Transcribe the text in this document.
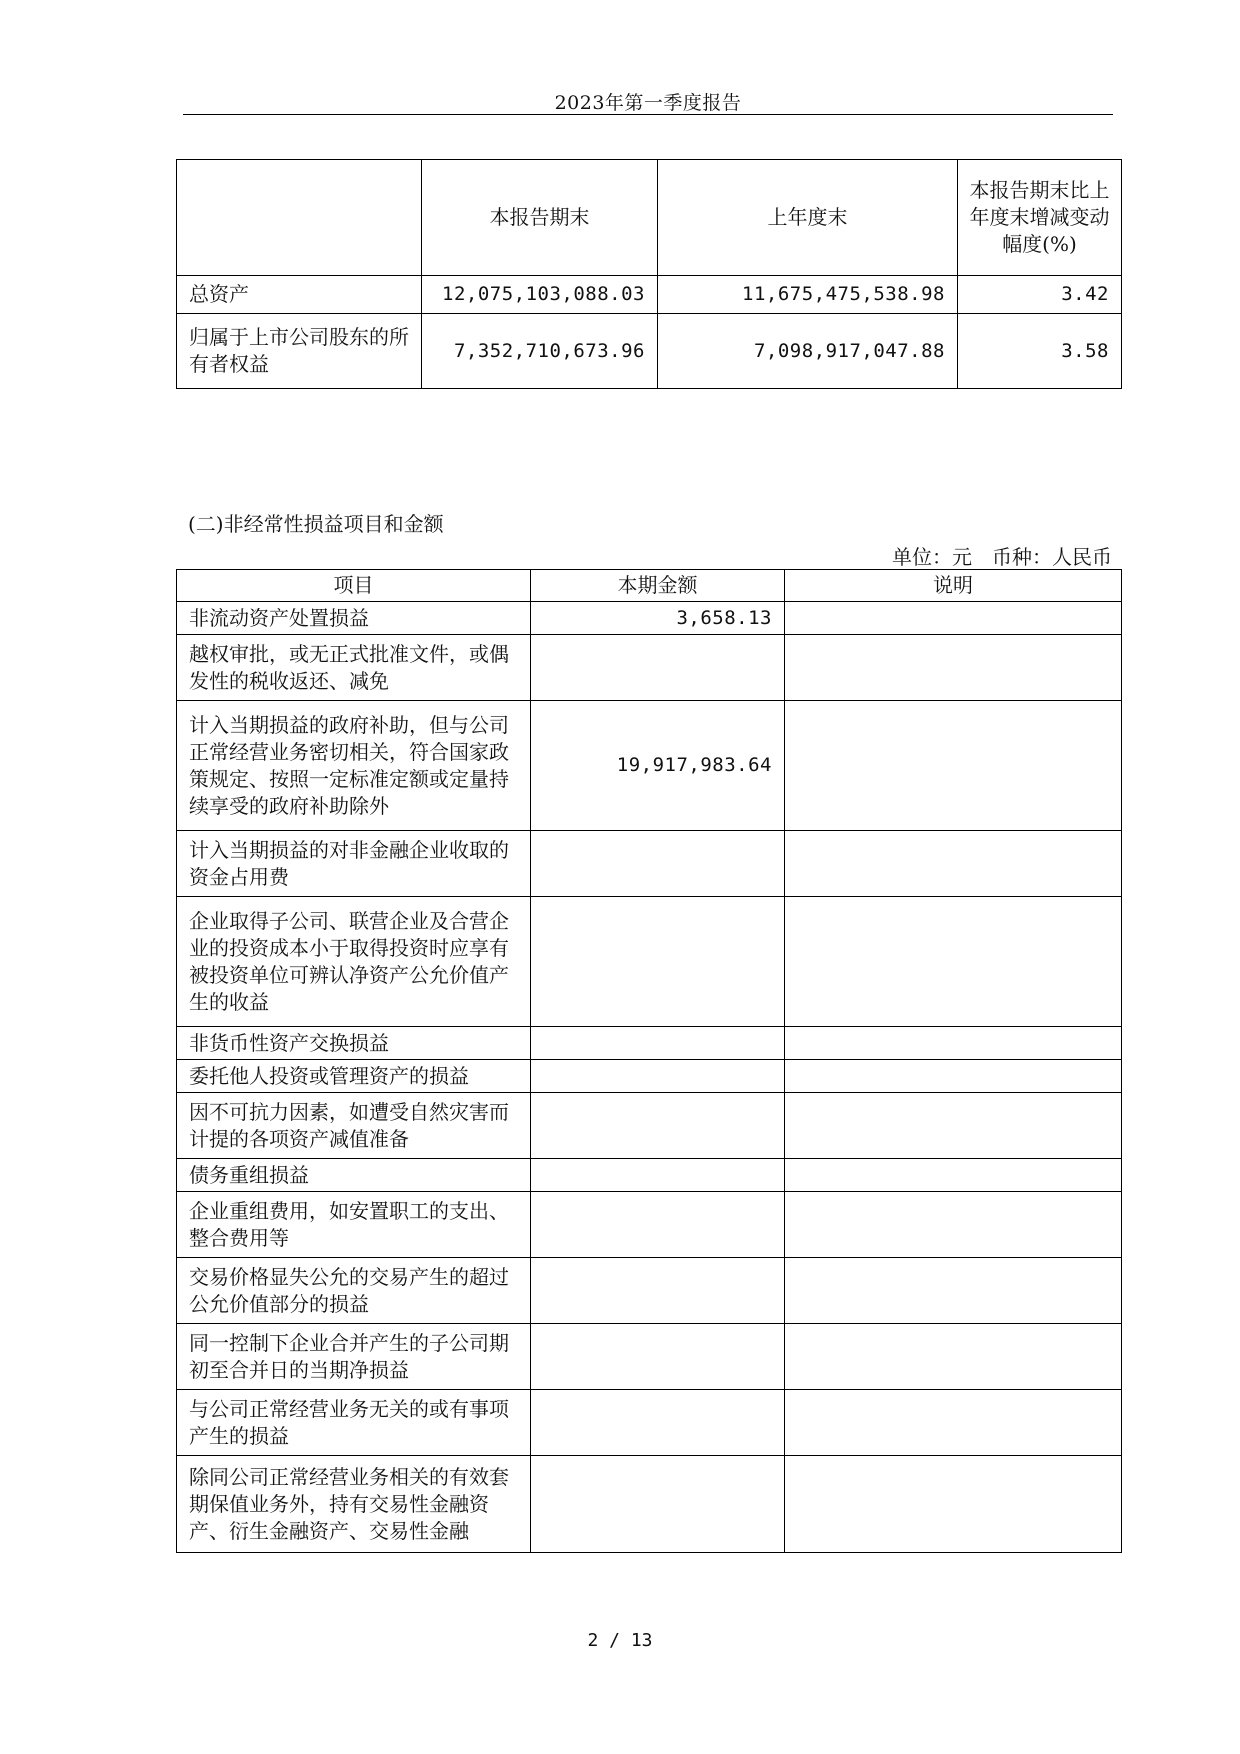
2023年第一季度报告
	本报告期末	上年度末	本报告期末比上年度末增减变动幅度(%)
总资产	12,075,103,088.03	11,675,475,538.98	3.42
归属于上市公司股东的所有者权益	7,352,710,673.96	7,098,917,047.88	3.58
(二)非经常性损益项目和金额
单位：元　币种：人民币
项目	本期金额	说明
非流动资产处置损益	3,658.13	
越权审批，或无正式批准文件，或偶发性的税收返还、减免		
计入当期损益的政府补助，但与公司正常经营业务密切相关，符合国家政策规定、按照一定标准定额或定量持续享受的政府补助除外	19,917,983.64	
计入当期损益的对非金融企业收取的资金占用费		
企业取得子公司、联营企业及合营企业的投资成本小于取得投资时应享有被投资单位可辨认净资产公允价值产生的收益		
非货币性资产交换损益		
委托他人投资或管理资产的损益		
因不可抗力因素，如遭受自然灾害而计提的各项资产减值准备		
债务重组损益		
企业重组费用，如安置职工的支出、整合费用等		
交易价格显失公允的交易产生的超过公允价值部分的损益		
同一控制下企业合并产生的子公司期初至合并日的当期净损益		
与公司正常经营业务无关的或有事项产生的损益		
除同公司正常经营业务相关的有效套期保值业务外，持有交易性金融资产、衍生金融资产、交易性金融		
2 / 13
